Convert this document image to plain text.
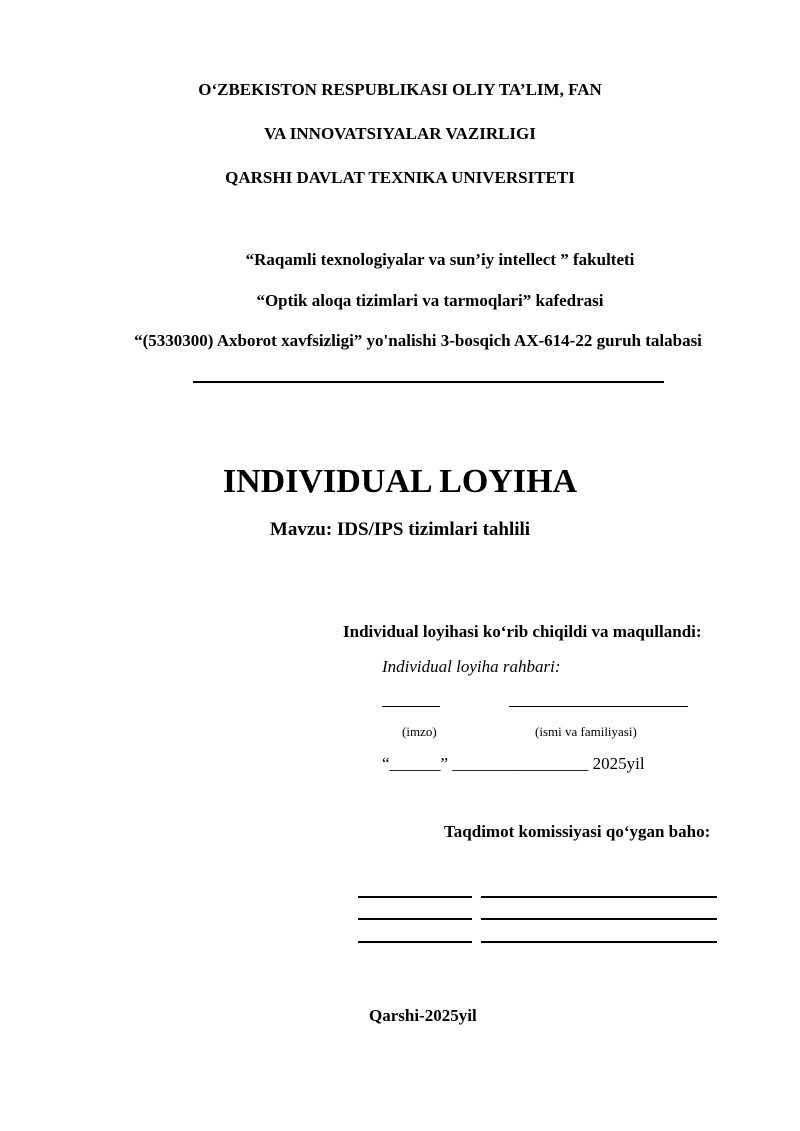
O‘ZBEKISTON RESPUBLIKASI OLIY TA’LIM, FAN
VA INNOVATSIYALAR VAZIRLIGI
QARSHI DAVLAT TEXNIKA UNIVERSITETI
“Raqamli texnologiyalar va sun’iy intellect ” fakulteti
“Optik aloqa tizimlari va tarmoqlari” kafedrasi
“(5330300) Axborot xavfsizligi” yo'nalishi 3-bosqich AX-614-22 guruh talabasi
INDIVIDUAL LOYIHA
Mavzu: IDS/IPS tizimlari tahlili
Individual loyihasi ko‘rib chiqildi va maqullandi:
Individual loyiha rahbari:
(imzo)	(ismi va familiyasi)
“______” ________________ 2025yil
Taqdimot komissiyasi qo‘ygan baho:
Qarshi-2025yil
